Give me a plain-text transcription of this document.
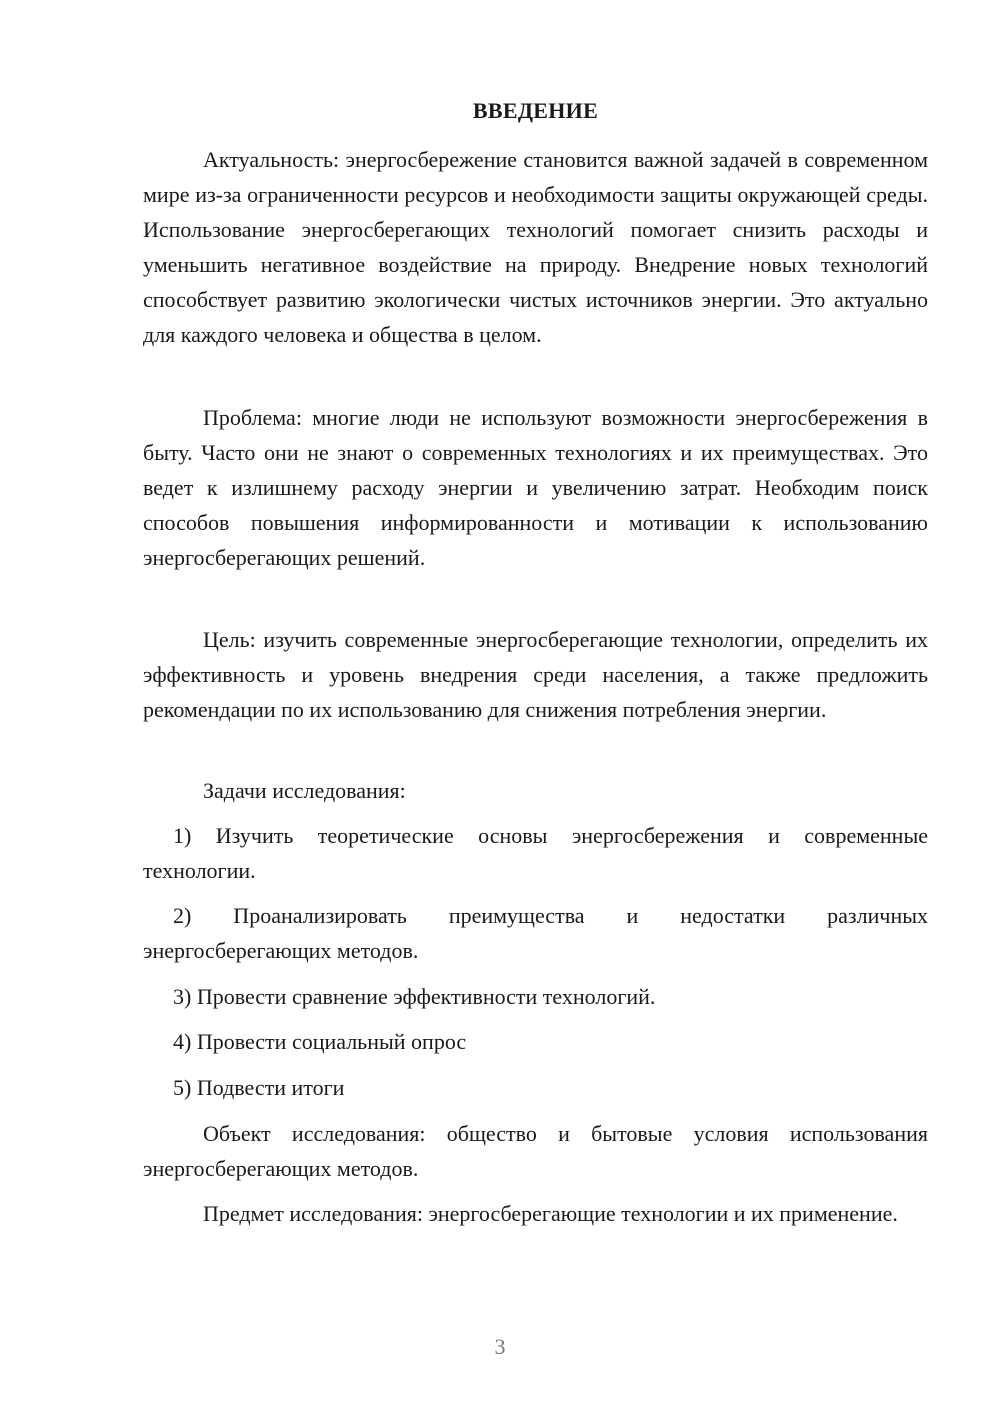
ВВЕДЕНИЕ

Актуальность: энергосбережение становится важной задачей в современном мире из-за ограниченности ресурсов и необходимости защиты окружающей среды. Использование энергосберегающих технологий помогает снизить расходы и уменьшить негативное воздействие на природу. Внедрение новых технологий способствует развитию экологически чистых источников энергии. Это актуально для каждого человека и общества в целом.

Проблема: многие люди не используют возможности энергосбережения в быту. Часто они не знают о современных технологиях и их преимуществах. Это ведет к излишнему расходу энергии и увеличению затрат. Необходим поиск способов повышения информированности и мотивации к использованию энергосберегающих решений.

Цель: изучить современные энергосберегающие технологии, определить их эффективность и уровень внедрения среди населения, а также предложить рекомендации по их использованию для снижения потребления энергии.

Задачи исследования:

1) Изучить теоретические основы энергосбережения и современные технологии.

2) Проанализировать преимущества и недостатки различных энергосберегающих методов.

3) Провести сравнение эффективности технологий.

4) Провести социальный опрос

5) Подвести итоги

Объект исследования: общество и бытовые условия использования энергосберегающих методов.

Предмет исследования: энергосберегающие технологии и их применение.

3
